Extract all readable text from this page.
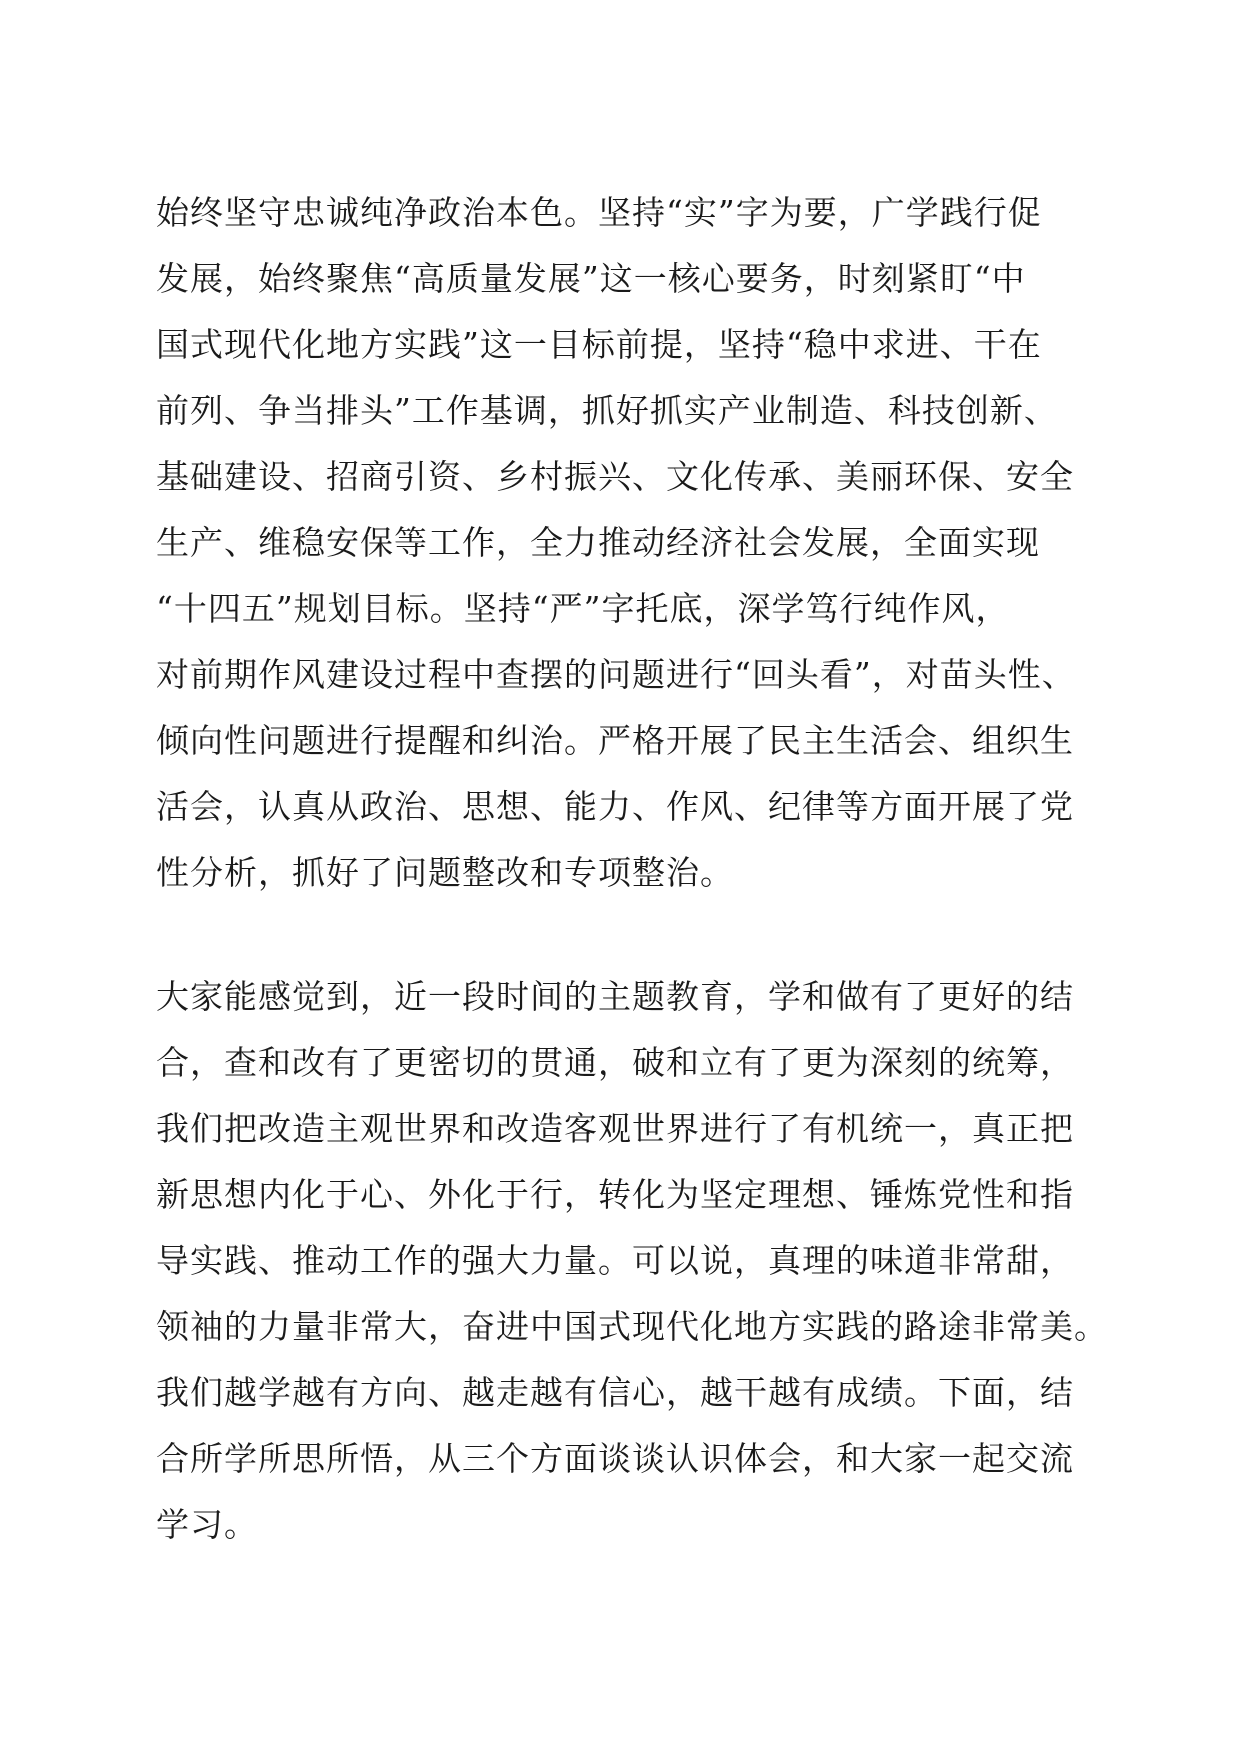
始终坚守忠诚纯净政治本色。坚持“实”字为要，广学践行促
发展，始终聚焦“高质量发展”这一核心要务，时刻紧盯“中
国式现代化地方实践”这一目标前提，坚持“稳中求进、干在
前列、争当排头”工作基调，抓好抓实产业制造、科技创新、
基础建设、招商引资、乡村振兴、文化传承、美丽环保、安全
生产、维稳安保等工作，全力推动经济社会发展，全面实现
“十四五”规划目标。坚持“严”字托底，深学笃行纯作风，
对前期作风建设过程中查摆的问题进行“回头看”，对苗头性、
倾向性问题进行提醒和纠治。严格开展了民主生活会、组织生
活会，认真从政治、思想、能力、作风、纪律等方面开展了党
性分析，抓好了问题整改和专项整治。
大家能感觉到，近一段时间的主题教育，学和做有了更好的结
合，查和改有了更密切的贯通，破和立有了更为深刻的统筹，
我们把改造主观世界和改造客观世界进行了有机统一，真正把
新思想内化于心、外化于行，转化为坚定理想、锤炼党性和指
导实践、推动工作的强大力量。可以说，真理的味道非常甜，
领袖的力量非常大，奋进中国式现代化地方实践的路途非常美。
我们越学越有方向、越走越有信心，越干越有成绩。下面，结
合所学所思所悟，从三个方面谈谈认识体会，和大家一起交流
学习。
